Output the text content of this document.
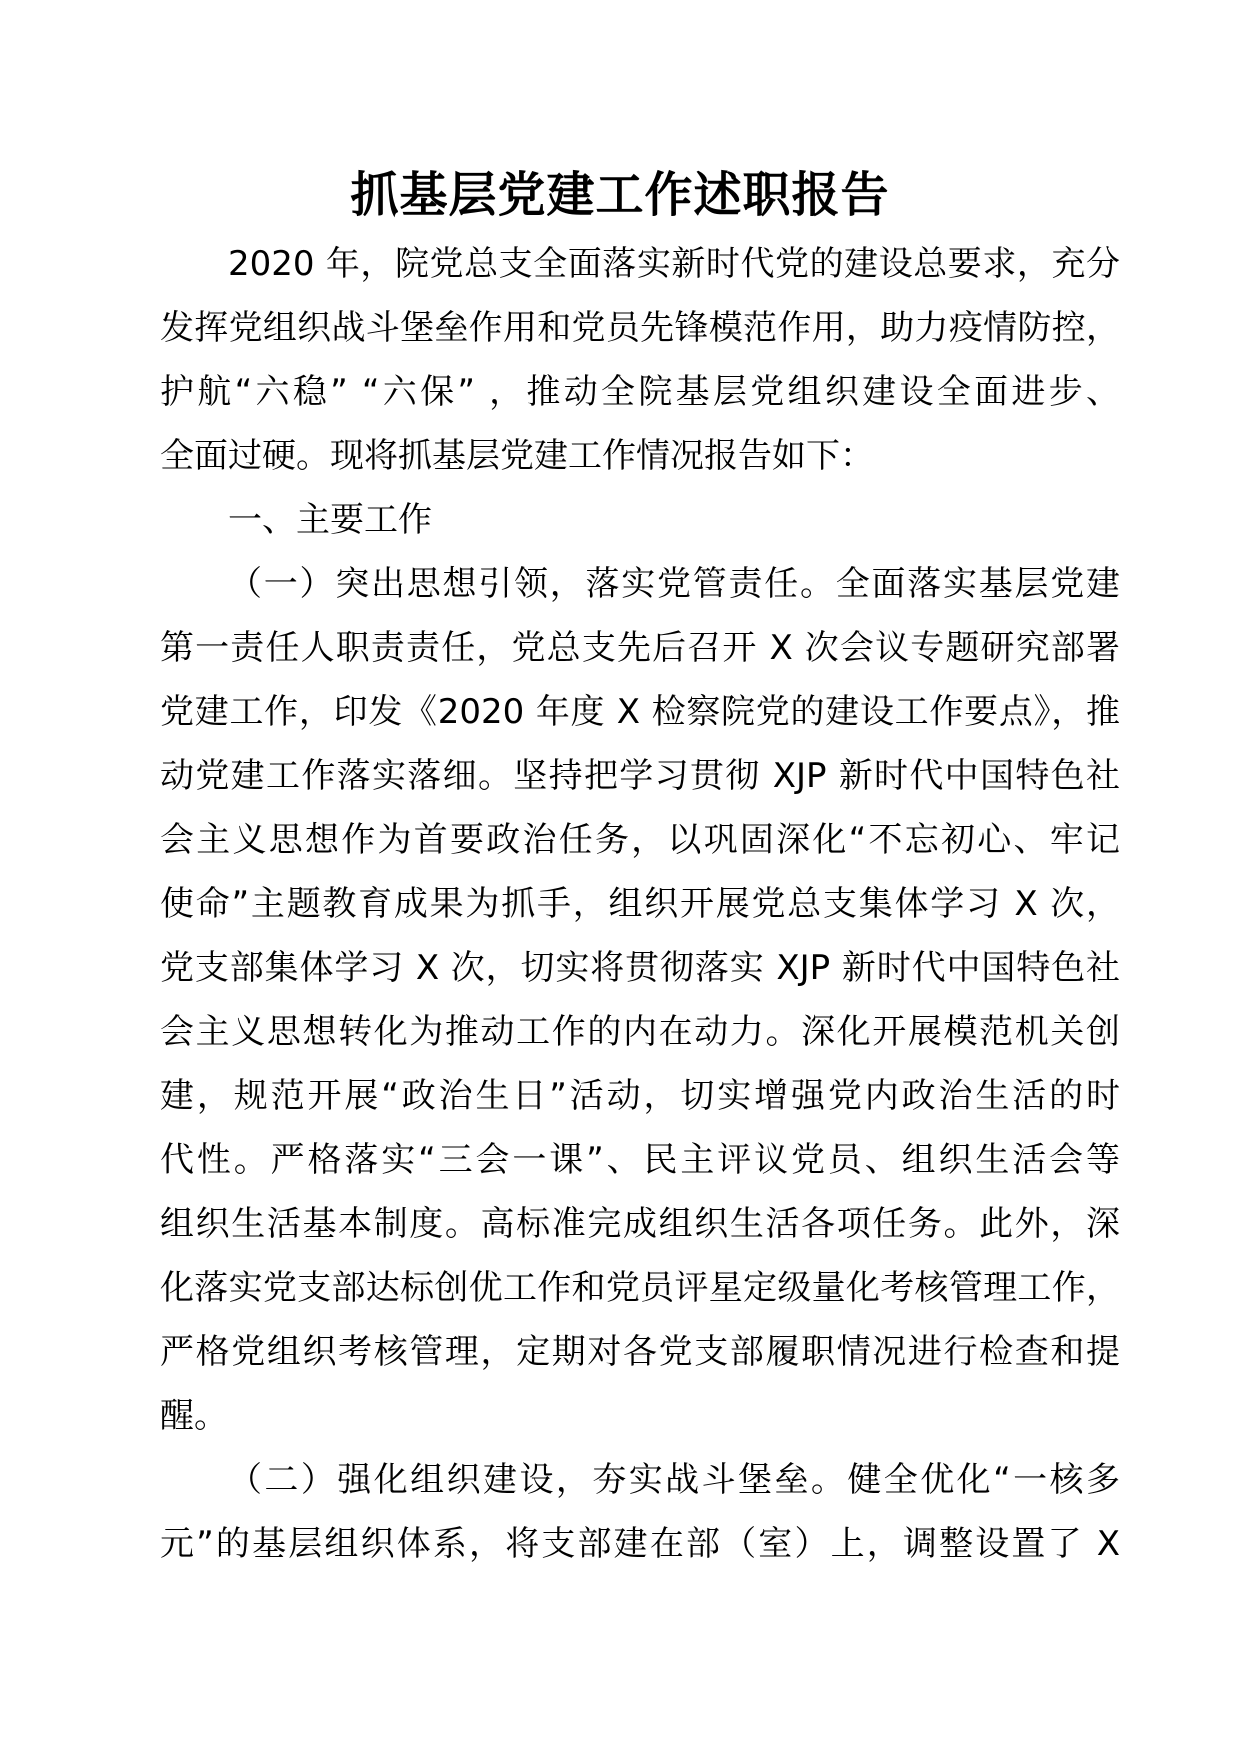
抓基层党建工作述职报告
2020 年，院党总支全面落实新时代党的建设总要求，充分
发挥党组织战斗堡垒作用和党员先锋模范作用，助力疫情防控，
护航“六稳” “六保” ，推动全院基层党组织建设全面进步、
全面过硬。现将抓基层党建工作情况报告如下：
一、主要工作
（一）突出思想引领，落实党管责任。全面落实基层党建
第一责任人职责责任，党总支先后召开 X 次会议专题研究部署
党建工作，印发《2020 年度 X 检察院党的建设工作要点》，推
动党建工作落实落细。坚持把学习贯彻 XJP 新时代中国特色社
会主义思想作为首要政治任务，以巩固深化“不忘初心、牢记
使命”主题教育成果为抓手，组织开展党总支集体学习 X 次，
党支部集体学习 X 次，切实将贯彻落实 XJP 新时代中国特色社
会主义思想转化为推动工作的内在动力。深化开展模范机关创
建，规范开展“政治生日”活动，切实增强党内政治生活的时
代性。严格落实“三会一课”、民主评议党员、组织生活会等
组织生活基本制度。高标准完成组织生活各项任务。此外，深
化落实党支部达标创优工作和党员评星定级量化考核管理工作，
严格党组织考核管理，定期对各党支部履职情况进行检查和提
醒。
（二）强化组织建设，夯实战斗堡垒。健全优化“一核多
元”的基层组织体系，将支部建在部（室）上，调整设置了 X
